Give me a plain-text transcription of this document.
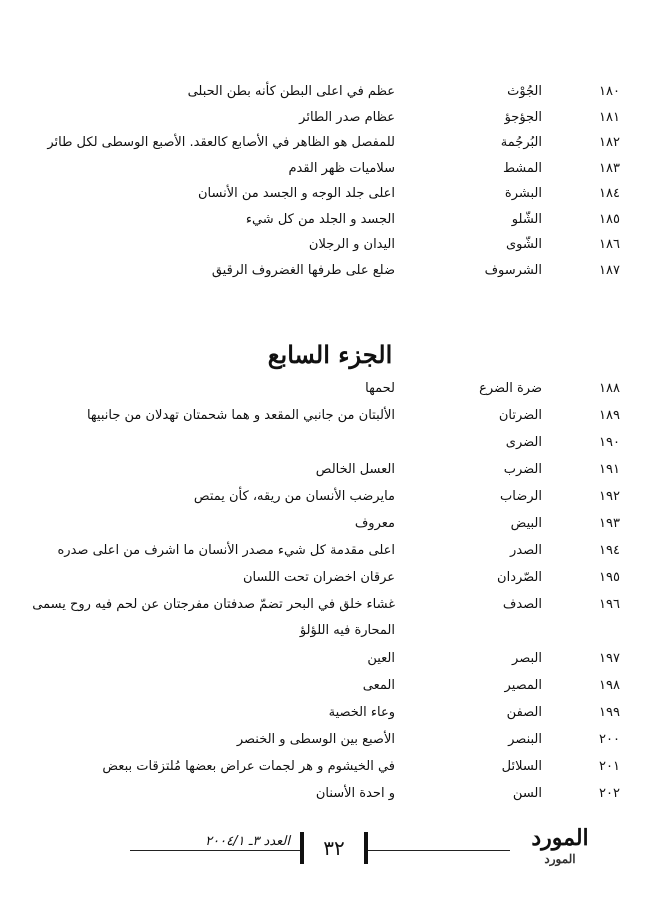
١٨٠
الجُوْث
عظم في اعلى البطن كأنه بطن الحبلى
١٨١
الجؤجؤ
عظام صدر الطائر
١٨٢
البُرجُمة
للمفصل هو الظاهر في الأصابع كالعقد. الأصبع الوسطى لكل طائر
١٨٣
المشط
سلاميات ظهر القدم
١٨٤
البشرة
اعلى جلد الوجه و الجسد من الأنسان
١٨٥
الشّلو
الجسد و الجلد من كل شيء
١٨٦
الشّوى
اليدان و الرجلان
١٨٧
الشرسوف
ضلع على طرفها الغضروف الرقيق
الجزء السابع
١٨٨
ضرة الضرع
لحمها
١٨٩
الضرتان
الألبتان من جانبي المقعد و هما شحمتان تهدلان من جانبيها
١٩٠
الضرى
١٩١
الضرب
العسل الخالص
١٩٢
الرضاب
مايرضب الأنسان من ريقه، كأن يمتص
١٩٣
البيض
معروف
١٩٤
الصدر
اعلى مقدمة كل شيء مصدر الأنسان ما اشرف من اعلى صدره
١٩٥
الصّردان
عرقان اخضران تحت اللسان
١٩٦
الصدف
غشاء خلق في البحر تضمّ صدفتان مفرجتان عن لحم فيه روح يسمى
١٩٧
البصر
العين
١٩٨
المصير
المعى
١٩٩
الصفن
وعاء الخصية
٢٠٠
البنصر
الأصبع بين الوسطى و الخنصر
٢٠١
السلائل
في الخيشوم و هر لجمات عراض بعضها مُلتزقات ببعض
٢٠٢
السن
و احدة الأسنان
المحارة فيه اللؤلؤ
العدد ٣ـ ٢٠٠٤/١	٣٢	المورد
المورد
